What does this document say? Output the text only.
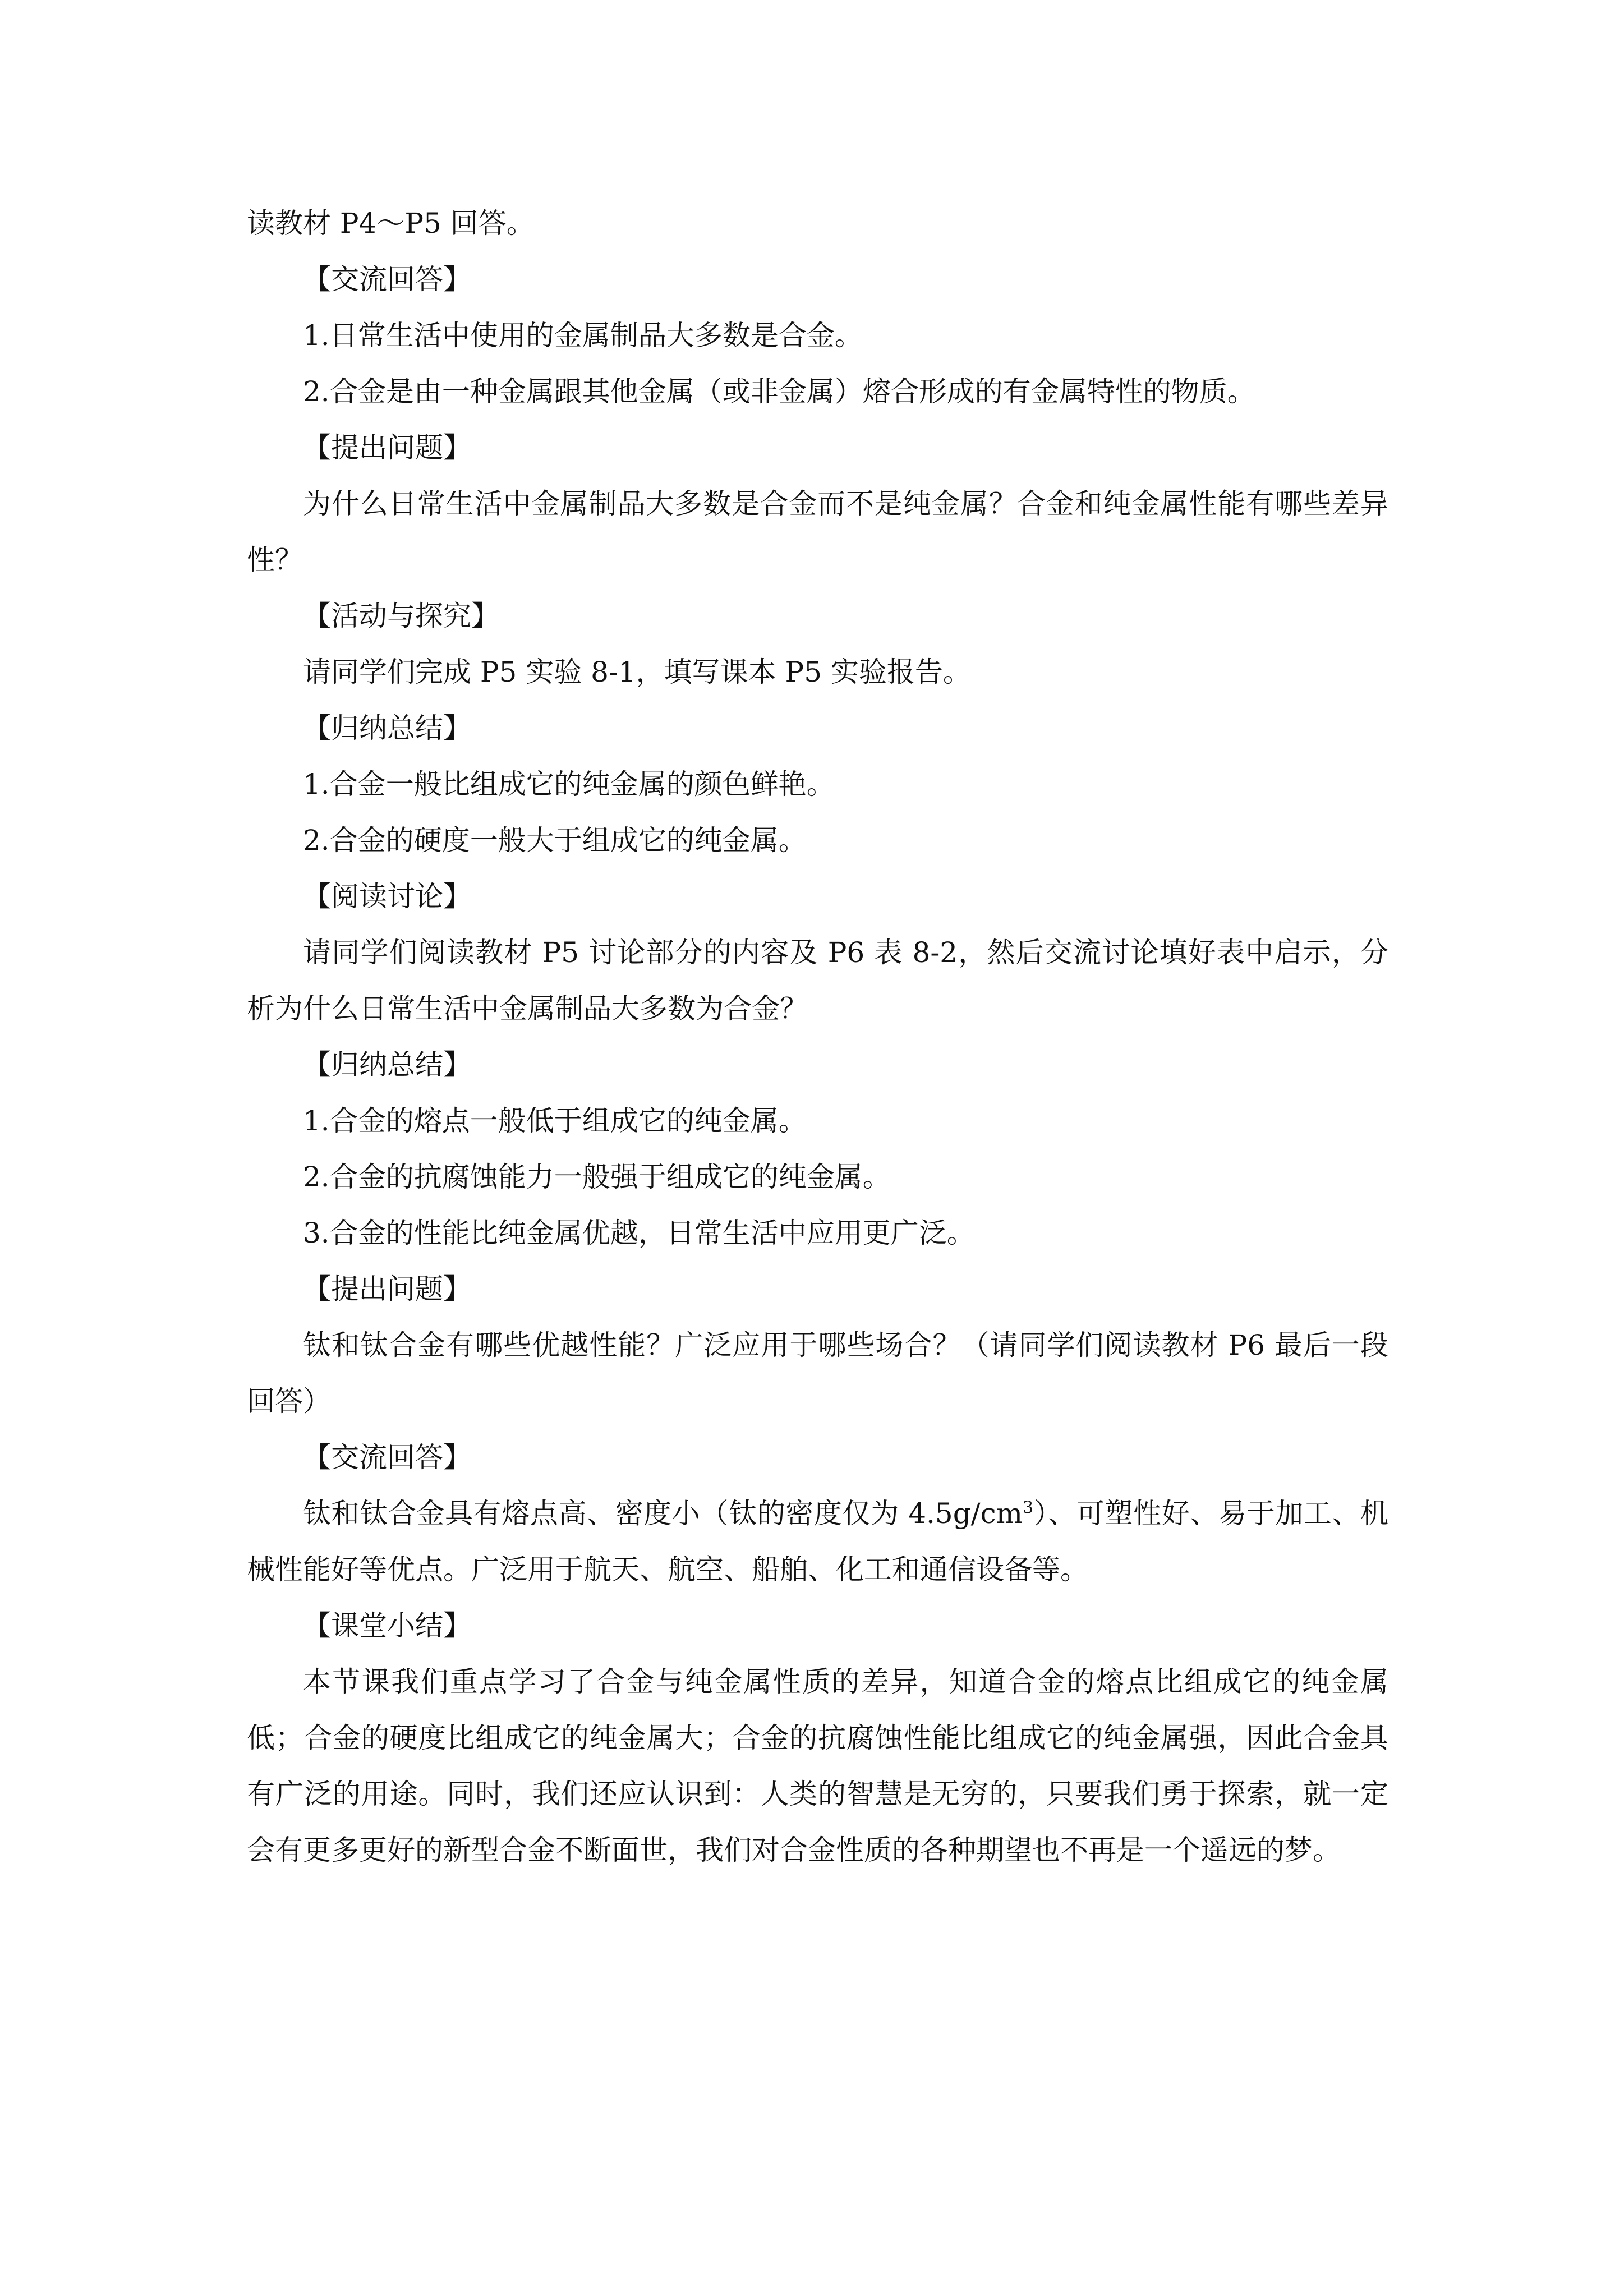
读教材 P4～P5 回答。

【交流回答】

1.日常生活中使用的金属制品大多数是合金。

2.合金是由一种金属跟其他金属（或非金属）熔合形成的有金属特性的物质。

【提出问题】

为什么日常生活中金属制品大多数是合金而不是纯金属？合金和纯金属性能有哪些差异性？

【活动与探究】

请同学们完成 P5 实验 8-1，填写课本 P5 实验报告。

【归纳总结】

1.合金一般比组成它的纯金属的颜色鲜艳。

2.合金的硬度一般大于组成它的纯金属。

【阅读讨论】

请同学们阅读教材 P5 讨论部分的内容及 P6 表 8-2，然后交流讨论填好表中启示，分析为什么日常生活中金属制品大多数为合金？

【归纳总结】

1.合金的熔点一般低于组成它的纯金属。

2.合金的抗腐蚀能力一般强于组成它的纯金属。

3.合金的性能比纯金属优越，日常生活中应用更广泛。

【提出问题】

钛和钛合金有哪些优越性能？广泛应用于哪些场合？（请同学们阅读教材 P6 最后一段回答）

【交流回答】

钛和钛合金具有熔点高、密度小（钛的密度仅为 $4.5g/cm^3$）、可塑性好、易于加工、机械性能好等优点。广泛用于航天、航空、船舶、化工和通信设备等。

【课堂小结】

本节课我们重点学习了合金与纯金属性质的差异，知道合金的熔点比组成它的纯金属低；合金的硬度比组成它的纯金属大；合金的抗腐蚀性能比组成它的纯金属强，因此合金具有广泛的用途。同时，我们还应认识到：人类的智慧是无穷的，只要我们勇于探索，就一定会有更多更好的新型合金不断面世，我们对合金性质的各种期望也不再是一个遥远的梦。
